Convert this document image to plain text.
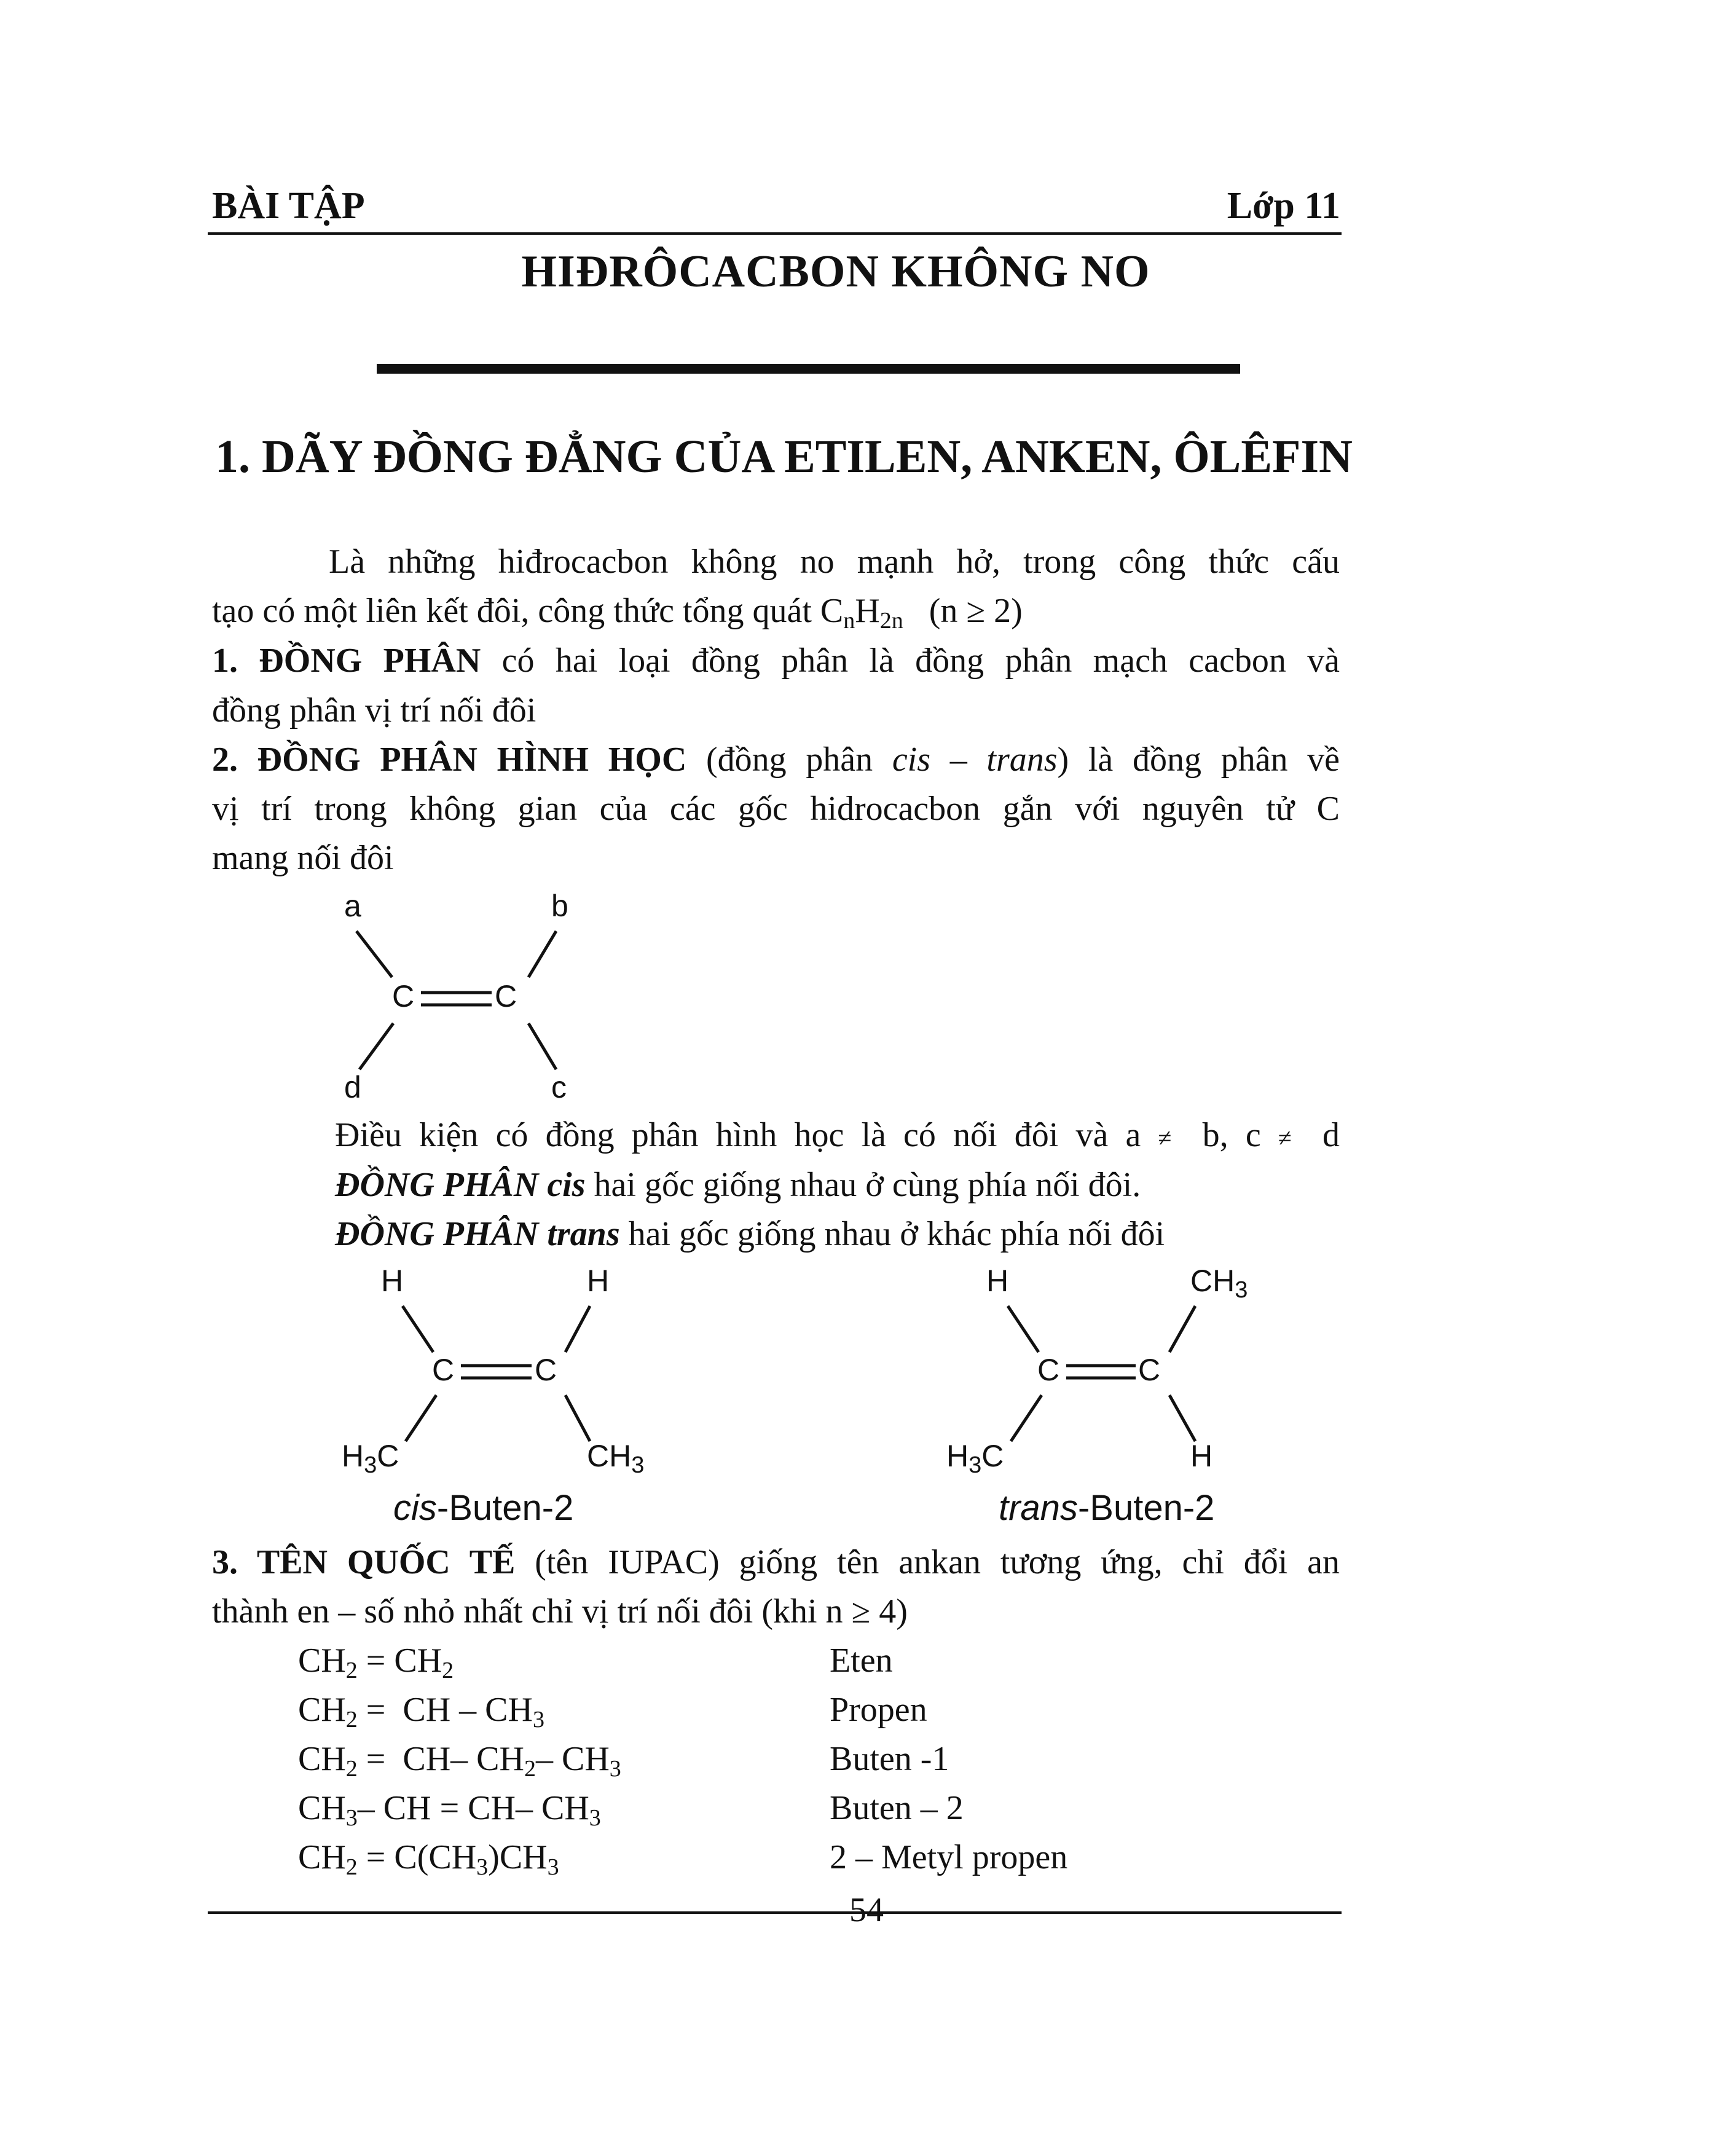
BÀI TẬP	Lớp 11
HIĐRÔCACBON KHÔNG NO
1. DÃY ĐỒNG ĐẲNG CỦA ETILEN, ANKEN, ÔLÊFIN
Là những hiđrocacbon không no mạnh hở, trong công thức cấu
tạo có một liên kết đôi, công thức tổng quát $C_nH_{2n}$ (n ≥ 2)
1. ĐỒNG PHÂN có hai loại đồng phân là đồng phân mạch cacbon và
đồng phân vị trí nối đôi
2. ĐỒNG PHÂN HÌNH HỌC (đồng phân cis – trans) là đồng phân về
vị trí trong không gian của các gốc hidrocacbon gắn với nguyên tử C
mang nối đôi
a	b
C	C
d	c
Điều kiện có đồng phân hình học là có nối đôi và a ≠ b, c ≠ d
ĐỒNG PHÂN cis hai gốc giống nhau ở cùng phía nối đôi.
ĐỒNG PHÂN trans hai gốc giống nhau ở khác phía nối đôi
H	H
C	C
$H_3C$	$CH_3$
cis-Buten-2
H	$CH_3$
C	C
$H_3C$	H
trans-Buten-2
3. TÊN QUỐC TẾ (tên IUPAC) giống tên ankan tương ứng, chỉ đổi an
thành en – số nhỏ nhất chỉ vị trí nối đôi (khi n ≥ 4)
$CH_2 = CH_2$	Eten
$CH_2$ =  CH – $CH_3$	Propen
$CH_2 = CH-$ $CH_2-$ $CH_3$	Buten -1
$CH_3-$ CH = CH– $CH_3$	Buten – 2
$CH_2 = C(CH_3)CH_3$	2 – Metyl propen
54
